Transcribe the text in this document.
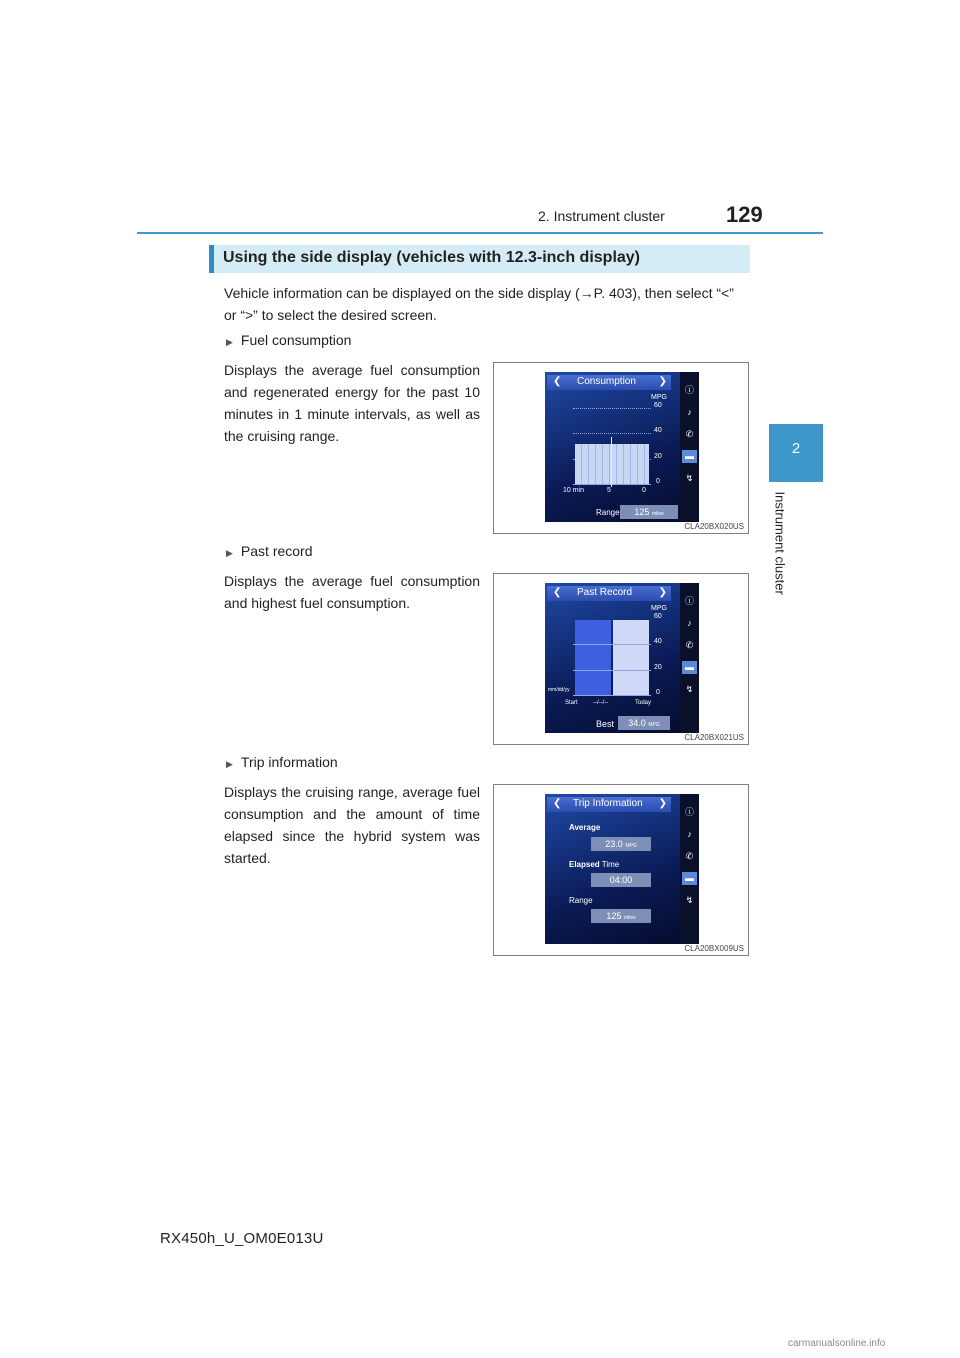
2. Instrument cluster	129
2
Instrument cluster
Using the side display (vehicles with 12.3-inch display)
Vehicle information can be displayed on the side display (→P. 403), then select “<” or “>” to select the desired screen.
▶ Fuel consumption
Displays the average fuel consumption and regenerated energy for the past 10 minutes in 1 minute intervals, as well as the cruising range.
❮ Consumption ❯
MPG
60
40
20
0
10 min	5	0
Range	125 miles
ⓘ
♪
✆
▬
↯
CLA20BX020US
▶ Past record
Displays the average fuel consumption and highest fuel consumption.
❮ Past Record	❯
MPG
60
40
20
0
mm/dd/yy
Start	--/--/--	Today
Best	34.0 MPG
ⓘ
♪
✆
▬
↯
CLA20BX021US
▶ Trip information
Displays the cruising range, average fuel consumption and the amount of time elapsed since the hybrid system was started.
❮ Trip Information ❯
Average
23.0 MPG
Elapsed Time
04:00
Range
125 miles
ⓘ
♪
✆
▬
↯
CLA20BX009US
RX450h_U_OM0E013U
carmanualsonline.info
